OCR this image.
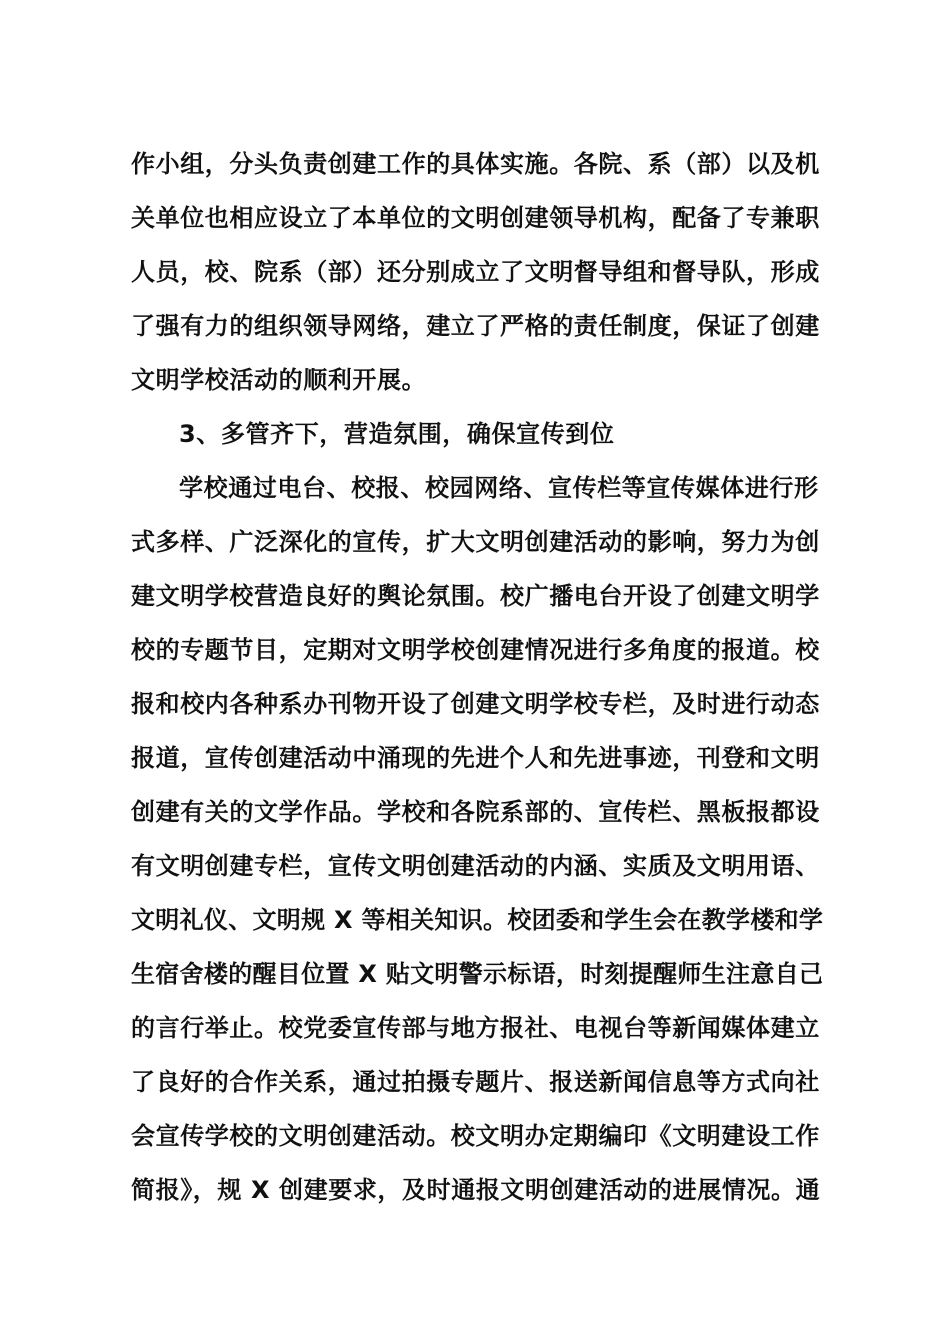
作小组，分头负责创建工作的具体实施。各院、系（部）以及机
关单位也相应设立了本单位的文明创建领导机构，配备了专兼职
人员，校、院系（部）还分别成立了文明督导组和督导队，形成
了强有力的组织领导网络，建立了严格的责任制度，保证了创建
文明学校活动的顺利开展。
3、多管齐下，营造氛围，确保宣传到位
学校通过电台、校报、校园网络、宣传栏等宣传媒体进行形
式多样、广泛深化的宣传，扩大文明创建活动的影响，努力为创
建文明学校营造良好的舆论氛围。校广播电台开设了创建文明学
校的专题节目，定期对文明学校创建情况进行多角度的报道。校
报和校内各种系办刊物开设了创建文明学校专栏，及时进行动态
报道，宣传创建活动中涌现的先进个人和先进事迹，刊登和文明
创建有关的文学作品。学校和各院系部的、宣传栏、黑板报都设
有文明创建专栏，宣传文明创建活动的内涵、实质及文明用语、
文明礼仪、文明规 X 等相关知识。校团委和学生会在教学楼和学
生宿舍楼的醒目位置 X 贴文明警示标语，时刻提醒师生注意自己
的言行举止。校党委宣传部与地方报社、电视台等新闻媒体建立
了良好的合作关系，通过拍摄专题片、报送新闻信息等方式向社
会宣传学校的文明创建活动。校文明办定期编印《文明建设工作
简报》，规 X 创建要求，及时通报文明创建活动的进展情况。通
